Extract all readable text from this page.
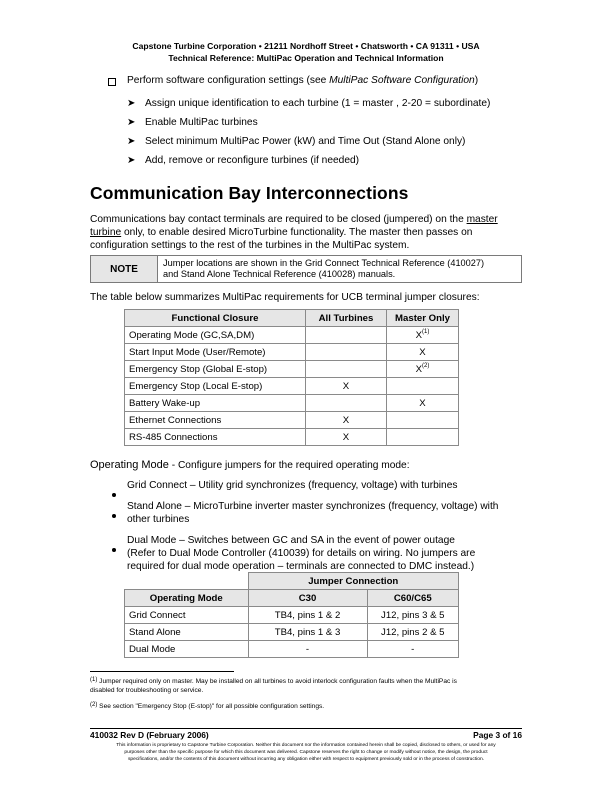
Capstone Turbine Corporation • 21211 Nordhoff Street • Chatsworth • CA 91311 • USA
Technical Reference: MultiPac Operation and Technical Information
Perform software configuration settings (see MultiPac Software Configuration)
➤ Assign unique identification to each turbine (1 = master , 2-20 = subordinate)
➤ Enable MultiPac turbines
➤ Select minimum MultiPac Power (kW) and Time Out (Stand Alone only)
➤ Add, remove or reconfigure turbines (if needed)
Communication Bay Interconnections
Communications bay contact terminals are required to be closed (jumpered) on the master
turbine only, to enable desired MicroTurbine functionality. The master then passes on
configuration settings to the rest of the turbines in the MultiPac system.
NOTE
Jumper locations are shown in the Grid Connect Technical Reference (410027)
and Stand Alone Technical Reference (410028) manuals.
The table below summarizes MultiPac requirements for UCB terminal jumper closures:
Functional Closure	All Turbines	Master Only
Operating Mode (GC,SA,DM)		$X^{(1)}$
Start Input Mode (User/Remote)		X
Emergency Stop (Global E-stop)		$X^{(2)}$
Emergency Stop (Local E-stop)	X	
Battery Wake-up		X
Ethernet Connections	X	
RS-485 Connections	X	
Operating Mode - Configure jumpers for the required operating mode:
Grid Connect – Utility grid synchronizes (frequency, voltage) with turbines
Stand Alone – MicroTurbine inverter master synchronizes (frequency, voltage) with
other turbines
Dual Mode – Switches between GC and SA in the event of power outage
(Refer to Dual Mode Controller (410039) for details on wiring. No jumpers are
required for dual mode operation – terminals are connected to DMC instead.)
	Jumper Connection	
Operating Mode	C30	C60/C65
Grid Connect	TB4, pins 1 & 2	J12, pins 3 & 5
Stand Alone	TB4, pins 1 & 3	J12, pins 2 & 5
Dual Mode	-	-
$^{(1)}$ Jumper required only on master. May be installed on all turbines to avoid interlock configuration faults when the MultiPac is
disabled for troubleshooting or service.
$^{(2)}$ See section "Emergency Stop (E-stop)" for all possible configuration settings.
410032 Rev D (February 2006)	Page 3 of 16
This information is proprietary to Capstone Turbine Corporation. Neither this document nor the information contained herein shall be copied, disclosed to others, or used for any
purposes other than the specific purpose for which this document was delivered. Capstone reserves the right to change or modify without notice, the design, the product
specifications, and/or the contents of this document without incurring any obligation either with respect to equipment previously sold or in the process of construction.
